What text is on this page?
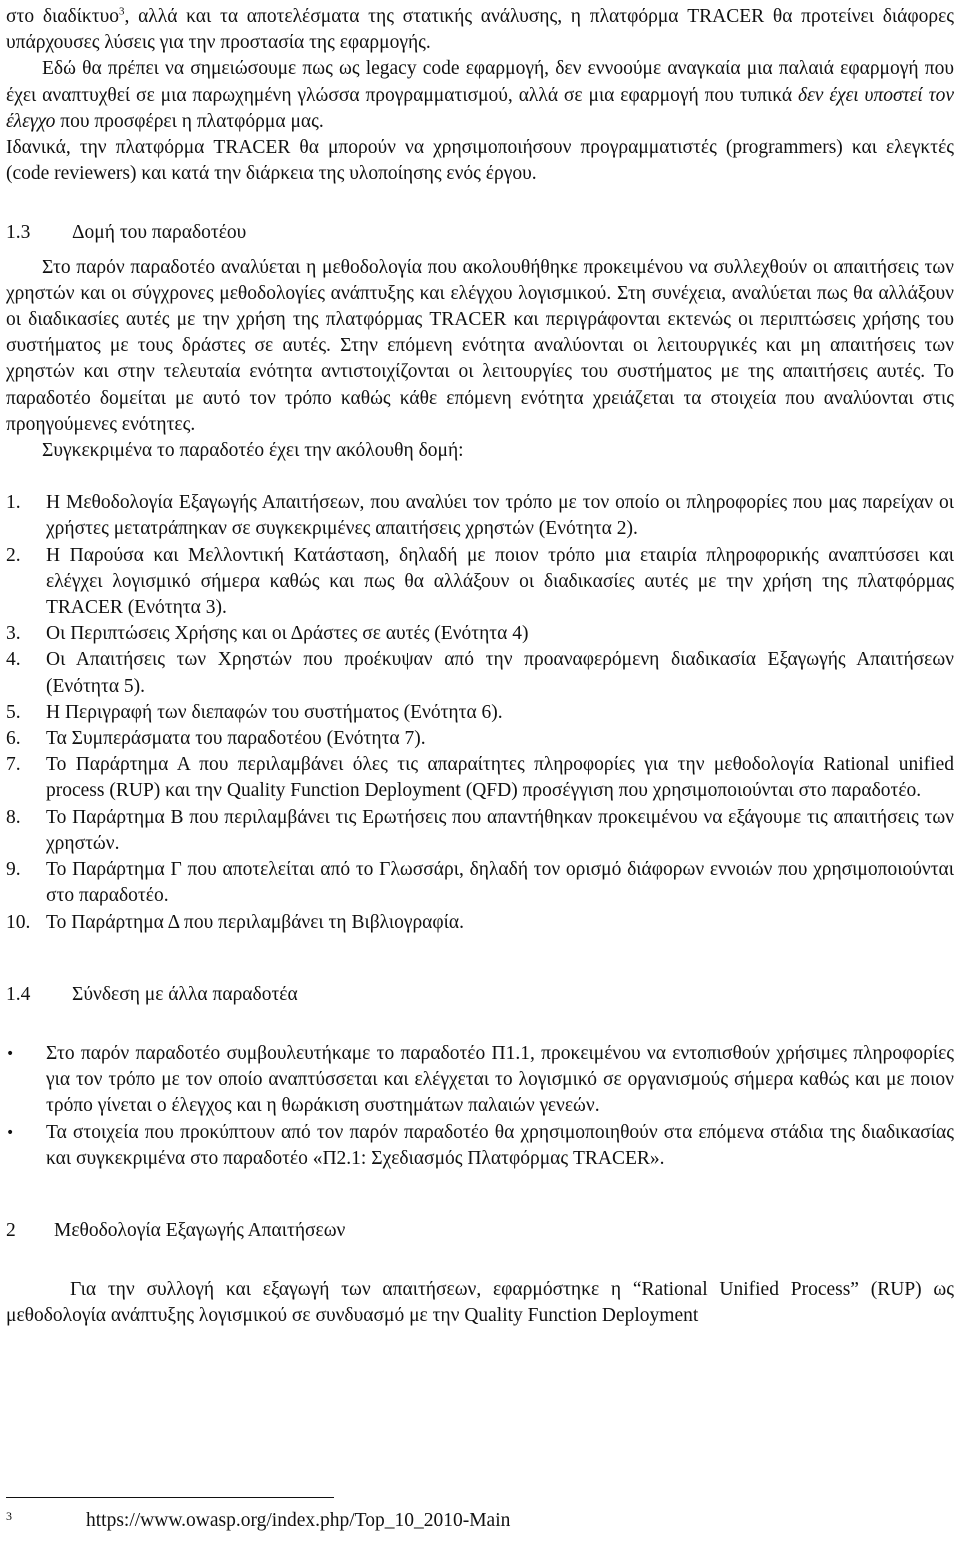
στο διαδίκτυο$^3$, αλλά και τα αποτελέσματα της στατικής ανάλυσης, η πλατφόρμα TRACER θα προτείνει διάφορες υπάρχουσες λύσεις για την προστασία της εφαρμογής.

Εδώ θα πρέπει να σημειώσουμε πως ως legacy code εφαρμογή, δεν εννοούμε αναγκαία μια παλαιά εφαρμογή που έχει αναπτυχθεί σε μια παρωχημένη γλώσσα προγραμματισμού, αλλά σε μια εφαρμογή που τυπικά δεν έχει υποστεί τον έλεγχο που προσφέρει η πλατφόρμα μας.

Ιδανικά, την πλατφόρμα TRACER θα μπορούν να χρησιμοποιήσουν προγραμματιστές (programmers) και ελεγκτές (code reviewers) και κατά την διάρκεια της υλοποίησης ενός έργου.

1.3 Δομή του παραδοτέου

Στο παρόν παραδοτέο αναλύεται η μεθοδολογία που ακολουθήθηκε προκειμένου να συλλεχθούν οι απαιτήσεις των χρηστών και οι σύγχρονες μεθοδολογίες ανάπτυξης και ελέγχου λογισμικού. Στη συνέχεια, αναλύεται πως θα αλλάξουν οι διαδικασίες αυτές με την χρήση της πλατφόρμας TRACER και περιγράφονται εκτενώς οι περιπτώσεις χρήσης του συστήματος με τους δράστες σε αυτές. Στην επόμενη ενότητα αναλύονται οι λειτουργικές και μη απαιτήσεις των χρηστών και στην τελευταία ενότητα αντιστοιχίζονται οι λειτουργίες του συστήματος με της απαιτήσεις αυτές. Το παραδοτέο δομείται με αυτό τον τρόπο καθώς κάθε επόμενη ενότητα χρειάζεται τα στοιχεία που αναλύονται στις προηγούμενες ενότητες.

Συγκεκριμένα το παραδοτέο έχει την ακόλουθη δομή:

1.	Η Μεθοδολογία Εξαγωγής Απαιτήσεων, που αναλύει τον τρόπο με τον οποίο οι πληροφορίες που μας παρείχαν οι χρήστες μετατράπηκαν σε συγκεκριμένες απαιτήσεις χρηστών (Ενότητα 2).
2.	Η Παρούσα και Μελλοντική Κατάσταση, δηλαδή με ποιον τρόπο μια εταιρία πληροφορικής αναπτύσσει και ελέγχει λογισμικό σήμερα καθώς και πως θα αλλάξουν οι διαδικασίες αυτές με την χρήση της πλατφόρμας TRACER (Ενότητα 3).
3.	Οι Περιπτώσεις Χρήσης και οι Δράστες σε αυτές (Ενότητα 4)
4.	Οι Απαιτήσεις των Χρηστών που προέκυψαν από την προαναφερόμενη διαδικασία Εξαγωγής Απαιτήσεων (Ενότητα 5).
5.	Η Περιγραφή των διεπαφών του συστήματος (Ενότητα 6).
6.	Τα Συμπεράσματα του παραδοτέου (Ενότητα 7).
7.	Το Παράρτημα Α που περιλαμβάνει όλες τις απαραίτητες πληροφορίες για την μεθοδολογία Rational unified process (RUP) και την Quality Function Deployment (QFD) προσέγγιση που χρησιμοποιούνται στο παραδοτέο.
8.	Το Παράρτημα Β που περιλαμβάνει τις Ερωτήσεις που απαντήθηκαν προκειμένου να εξάγουμε τις απαιτήσεις των χρηστών.
9.	Το Παράρτημα Γ που αποτελείται από το Γλωσσάρι, δηλαδή τον ορισμό διάφορων εννοιών που χρησιμοποιούνται στο παραδοτέο.
10. Το Παράρτημα Δ που περιλαμβάνει τη Βιβλιογραφία.

1.4 Σύνδεση με άλλα παραδοτέα

•	Στο παρόν παραδοτέο συμβουλευτήκαμε το παραδοτέο Π1.1, προκειμένου να εντοπισθούν χρήσιμες πληροφορίες για τον τρόπο με τον οποίο αναπτύσσεται και ελέγχεται το λογισμικό σε οργανισμούς σήμερα καθώς και με ποιον τρόπο γίνεται ο έλεγχος και η θωράκιση συστημάτων παλαιών γενεών.
•	Τα στοιχεία που προκύπτουν από τον παρόν παραδοτέο θα χρησιμοποιηθούν στα επόμενα στάδια της διαδικασίας και συγκεκριμένα στο παραδοτέο «Π2.1: Σχεδιασμός Πλατφόρμας TRACER».

2 Μεθοδολογία Εξαγωγής Απαιτήσεων

Για την συλλογή και εξαγωγή των απαιτήσεων, εφαρμόστηκε η “Rational Unified Process” (RUP) ως μεθοδολογία ανάπτυξης λογισμικού σε συνδυασμό με την Quality Function Deployment

3	https://www.owasp.org/index.php/Top_10_2010-Main
